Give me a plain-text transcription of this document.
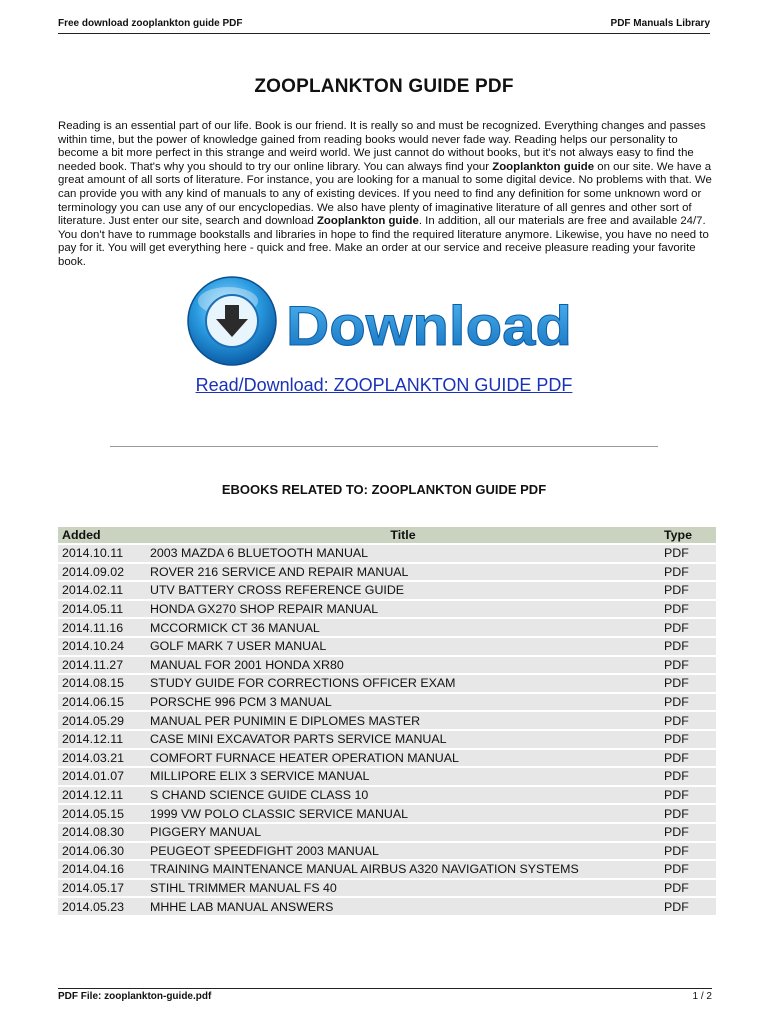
Free download zooplankton guide PDF	PDF Manuals Library
ZOOPLANKTON GUIDE PDF

Reading is an essential part of our life. Book is our friend. It is really so and must be recognized. Everything changes and passes within time, but the power of knowledge gained from reading books would never fade way. Reading helps our personality to become a bit more perfect in this strange and weird world. We just cannot do without books, but it's not always easy to find the needed book. That's why you should to try our online library. You can always find your Zooplankton guide on our site. We have a great amount of all sorts of literature. For instance, you are looking for a manual to some digital device. No problems with that. We can provide you with any kind of manuals to any of existing devices. If you need to find any definition for some unknown word or terminology you can use any of our encyclopedias. We also have plenty of imaginative literature of all genres and other sort of literature. Just enter our site, search and download Zooplankton guide. In addition, all our materials are free and available 24/7. You don't have to rummage bookstalls and libraries in hope to find the required literature anymore. Likewise, you have no need to pay for it. You will get everything here - quick and free. Make an order at our service and receive pleasure reading your favorite book.

Download
Read/Download: ZOOPLANKTON GUIDE PDF
EBOOKS RELATED TO: ZOOPLANKTON GUIDE PDF
Added	Title	Type
2014.10.11	2003 MAZDA 6 BLUETOOTH MANUAL	PDF
2014.09.02	ROVER 216 SERVICE AND REPAIR MANUAL	PDF
2014.02.11	UTV BATTERY CROSS REFERENCE GUIDE	PDF
2014.05.11	HONDA GX270 SHOP REPAIR MANUAL	PDF
2014.11.16	MCCORMICK CT 36 MANUAL	PDF
2014.10.24	GOLF MARK 7 USER MANUAL	PDF
2014.11.27	MANUAL FOR 2001 HONDA XR80	PDF
2014.08.15	STUDY GUIDE FOR CORRECTIONS OFFICER EXAM	PDF
2014.06.15	PORSCHE 996 PCM 3 MANUAL	PDF
2014.05.29	MANUAL PER PUNIMIN E DIPLOMES MASTER	PDF
2014.12.11	CASE MINI EXCAVATOR PARTS SERVICE MANUAL	PDF
2014.03.21	COMFORT FURNACE HEATER OPERATION MANUAL	PDF
2014.01.07	MILLIPORE ELIX 3 SERVICE MANUAL	PDF
2014.12.11	S CHAND SCIENCE GUIDE CLASS 10	PDF
2014.05.15	1999 VW POLO CLASSIC SERVICE MANUAL	PDF
2014.08.30	PIGGERY MANUAL	PDF
2014.06.30	PEUGEOT SPEEDFIGHT 2003 MANUAL	PDF
2014.04.16	TRAINING MAINTENANCE MANUAL AIRBUS A320 NAVIGATION SYSTEMS	PDF
2014.05.17	STIHL TRIMMER MANUAL FS 40	PDF
2014.05.23	MHHE LAB MANUAL ANSWERS	PDF
PDF File: zooplankton-guide.pdf	1 / 2
